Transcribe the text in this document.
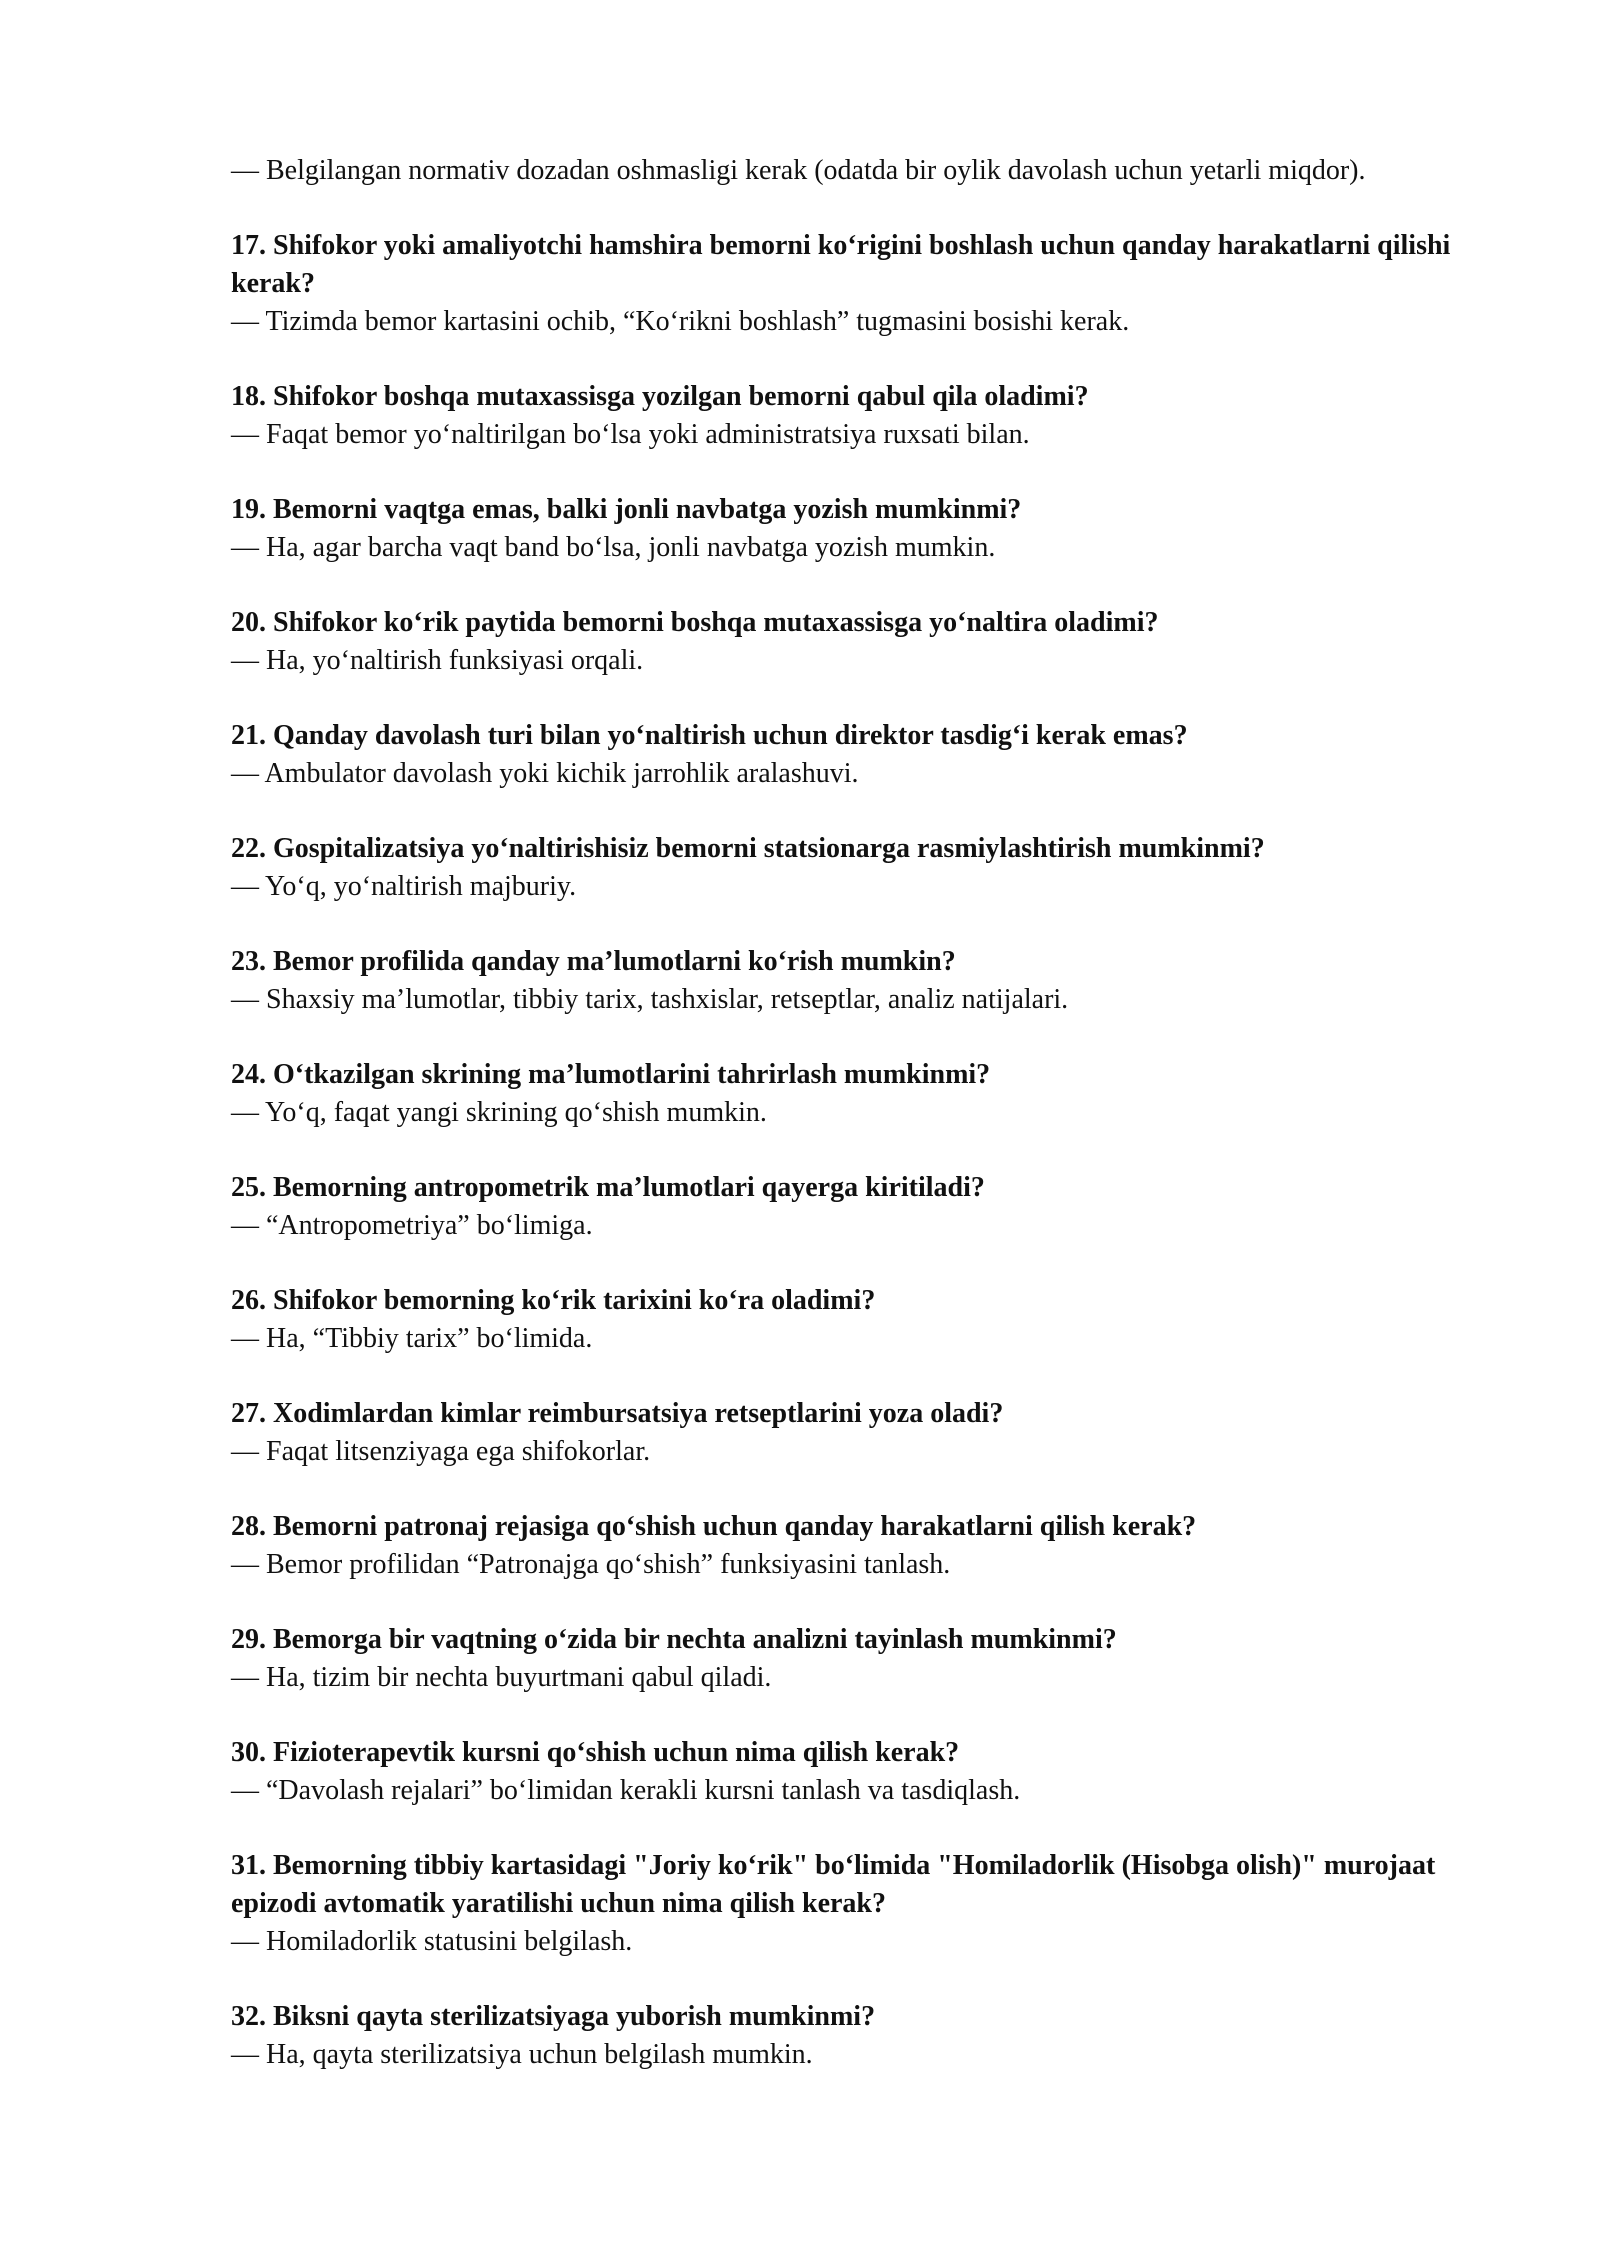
— Belgilangan normativ dozadan oshmasligi kerak (odatda bir oylik davolash uchun yetarli miqdor).

17. Shifokor yoki amaliyotchi hamshira bemorni ko‘rigini boshlash uchun qanday harakatlarni qilishi kerak?

— Tizimda bemor kartasini ochib, “Ko‘rikni boshlash” tugmasini bosishi kerak.

18. Shifokor boshqa mutaxassisga yozilgan bemorni qabul qila oladimi?

— Faqat bemor yo‘naltirilgan bo‘lsa yoki administratsiya ruxsati bilan.

19. Bemorni vaqtga emas, balki jonli navbatga yozish mumkinmi?

— Ha, agar barcha vaqt band bo‘lsa, jonli navbatga yozish mumkin.

20. Shifokor ko‘rik paytida bemorni boshqa mutaxassisga yo‘naltira oladimi?

— Ha, yo‘naltirish funksiyasi orqali.

21. Qanday davolash turi bilan yo‘naltirish uchun direktor tasdig‘i kerak emas?

— Ambulator davolash yoki kichik jarrohlik aralashuvi.

22. Gospitalizatsiya yo‘naltirishisiz bemorni statsionarga rasmiylashtirish mumkinmi?

— Yo‘q, yo‘naltirish majburiy.

23. Bemor profilida qanday ma’lumotlarni ko‘rish mumkin?

— Shaxsiy ma’lumotlar, tibbiy tarix, tashxislar, retseptlar, analiz natijalari.

24. O‘tkazilgan skrining ma’lumotlarini tahrirlash mumkinmi?

— Yo‘q, faqat yangi skrining qo‘shish mumkin.

25. Bemorning antropometrik ma’lumotlari qayerga kiritiladi?

— “Antropometriya” bo‘limiga.

26. Shifokor bemorning ko‘rik tarixini ko‘ra oladimi?

— Ha, “Tibbiy tarix” bo‘limida.

27. Xodimlardan kimlar reimbursatsiya retseptlarini yoza oladi?

— Faqat litsenziyaga ega shifokorlar.

28. Bemorni patronaj rejasiga qo‘shish uchun qanday harakatlarni qilish kerak?

— Bemor profilidan “Patronajga qo‘shish” funksiyasini tanlash.

29. Bemorga bir vaqtning o‘zida bir nechta analizni tayinlash mumkinmi?

— Ha, tizim bir nechta buyurtmani qabul qiladi.

30. Fizioterapevtik kursni qo‘shish uchun nima qilish kerak?

— “Davolash rejalari” bo‘limidan kerakli kursni tanlash va tasdiqlash.

31. Bemorning tibbiy kartasidagi "Joriy ko‘rik" bo‘limida "Homiladorlik (Hisobga olish)" murojaat epizodi avtomatik yaratilishi uchun nima qilish kerak?

— Homiladorlik statusini belgilash.

32. Biksni qayta sterilizatsiyaga yuborish mumkinmi?

— Ha, qayta sterilizatsiya uchun belgilash mumkin.
